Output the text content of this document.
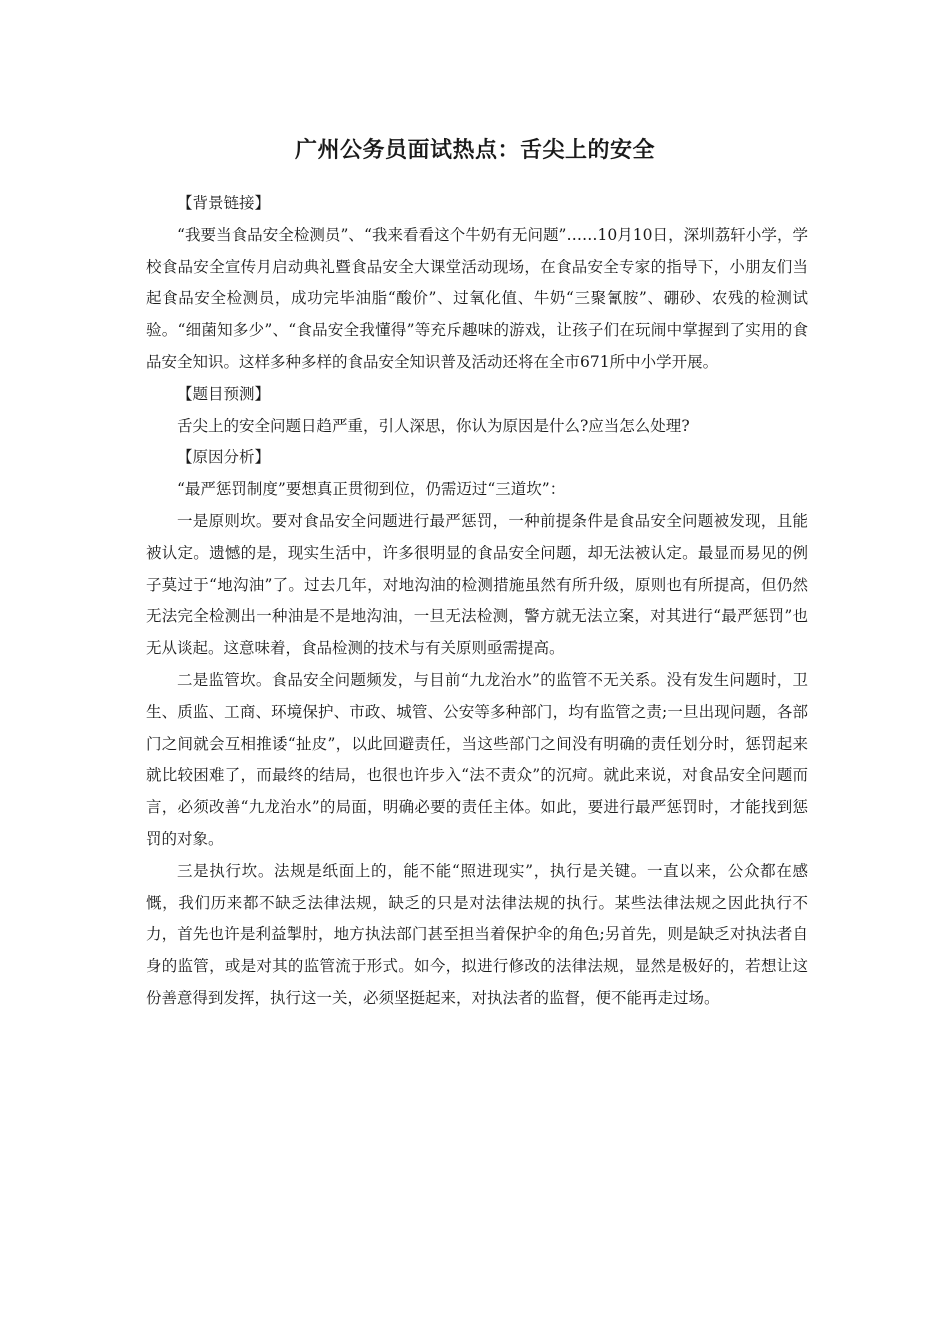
广州公务员面试热点：舌尖上的安全

【背景链接】

“我要当食品安全检测员”、“我来看看这个牛奶有无问题”……10月10日，深圳荔轩小学，学校食品安全宣传月启动典礼暨食品安全大课堂活动现场，在食品安全专家的指导下，小朋友们当起食品安全检测员，成功完毕油脂“酸价”、过氧化值、牛奶“三聚氰胺”、硼砂、农残的检测试验。“细菌知多少”、“食品安全我懂得”等充斥趣味的游戏，让孩子们在玩闹中掌握到了实用的食品安全知识。这样多种多样的食品安全知识普及活动还将在全市671所中小学开展。

【题目预测】

舌尖上的安全问题日趋严重，引人深思，你认为原因是什么?应当怎么处理?

【原因分析】

“最严惩罚制度”要想真正贯彻到位，仍需迈过“三道坎”：

一是原则坎。要对食品安全问题进行最严惩罚，一种前提条件是食品安全问题被发现，且能被认定。遗憾的是，现实生活中，许多很明显的食品安全问题，却无法被认定。最显而易见的例子莫过于“地沟油”了。过去几年，对地沟油的检测措施虽然有所升级，原则也有所提高，但仍然无法完全检测出一种油是不是地沟油，一旦无法检测，警方就无法立案，对其进行“最严惩罚”也无从谈起。这意味着，食品检测的技术与有关原则亟需提高。

二是监管坎。食品安全问题频发，与目前“九龙治水”的监管不无关系。没有发生问题时，卫生、质监、工商、环境保护、市政、城管、公安等多种部门，均有监管之责;一旦出现问题，各部门之间就会互相推诿“扯皮”，以此回避责任，当这些部门之间没有明确的责任划分时，惩罚起来就比较困难了，而最终的结局，也很也许步入“法不责众”的沉疴。就此来说，对食品安全问题而言，必须改善“九龙治水”的局面，明确必要的责任主体。如此，要进行最严惩罚时，才能找到惩罚的对象。

三是执行坎。法规是纸面上的，能不能“照进现实”，执行是关键。一直以来，公众都在感慨，我们历来都不缺乏法律法规，缺乏的只是对法律法规的执行。某些法律法规之因此执行不力，首先也许是利益掣肘，地方执法部门甚至担当着保护伞的角色;另首先，则是缺乏对执法者自身的监管，或是对其的监管流于形式。如今，拟进行修改的法律法规，显然是极好的，若想让这份善意得到发挥，执行这一关，必须坚挺起来，对执法者的监督，便不能再走过场。
